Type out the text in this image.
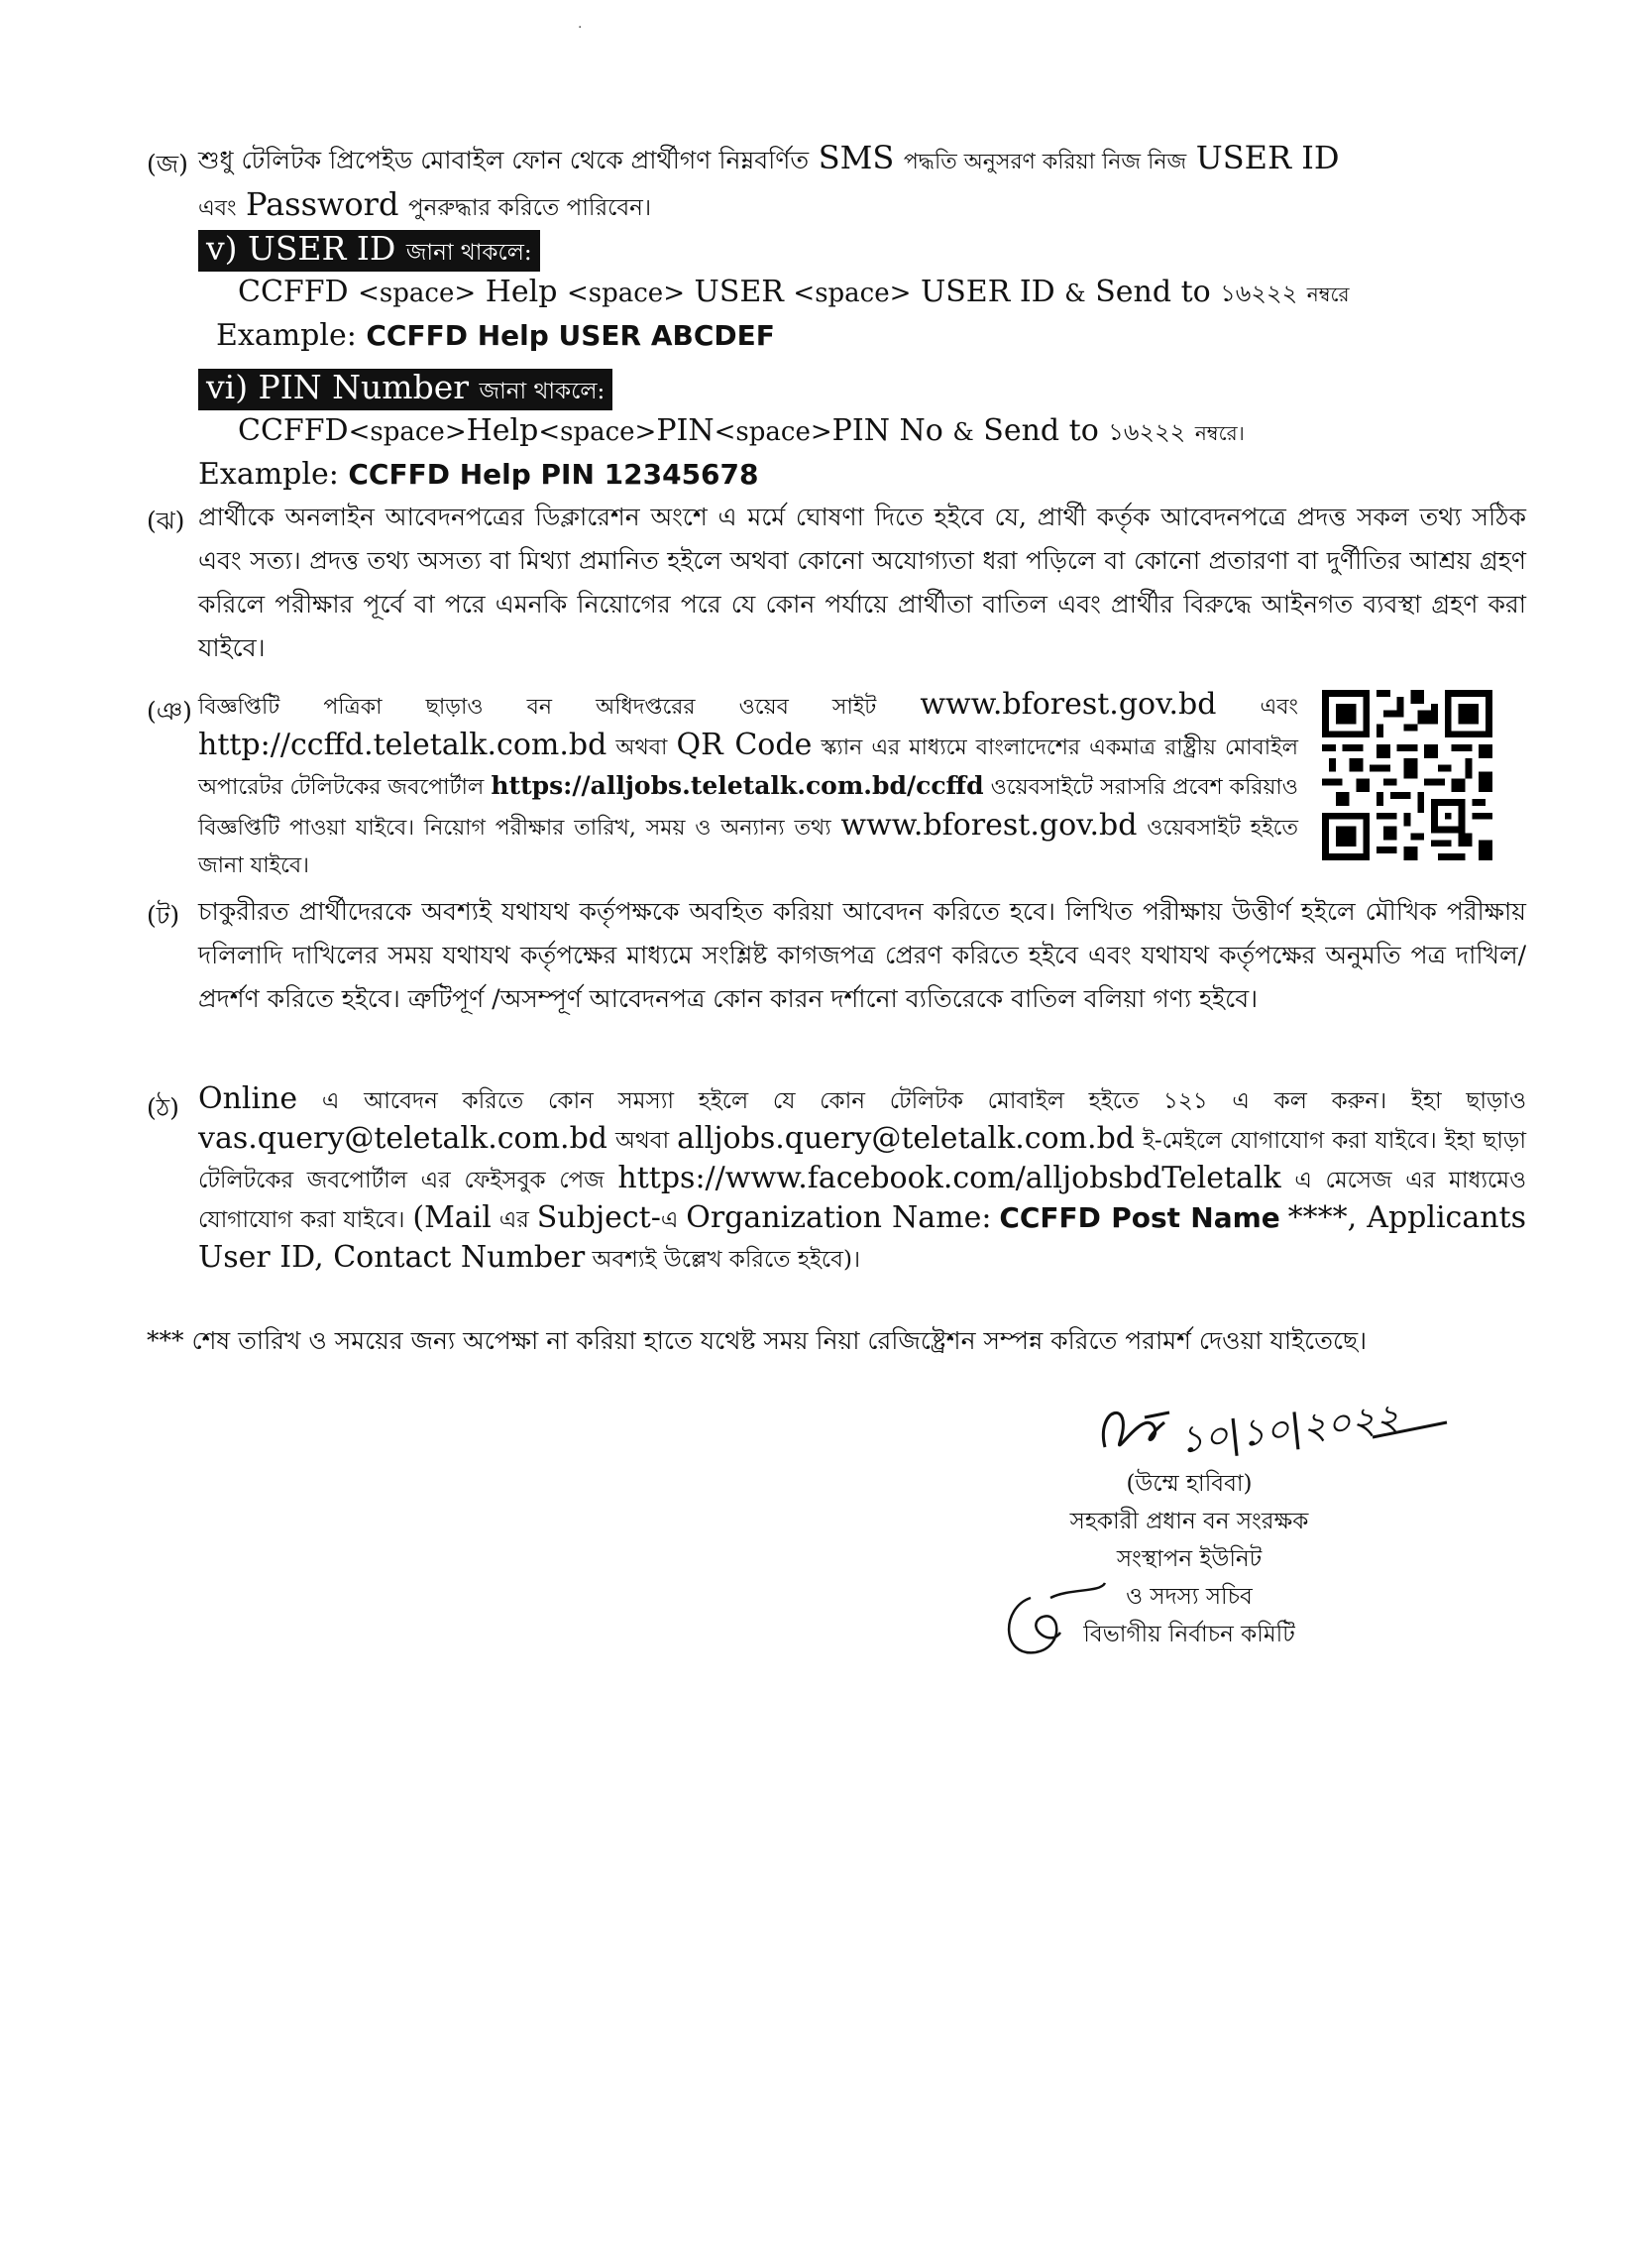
·
(জ) শুধু টেলিটক প্রিপেইড মোবাইল ফোন থেকে প্রার্থীগণ নিম্নবর্ণিত SMS পদ্ধতি অনুসরণ করিয়া নিজ নিজ USER ID
এবং Password পুনরুদ্ধার করিতে পারিবেন।
v) USER ID জানা থাকলে:
CCFFD <space> Help <space> USER <space> USER ID & Send to ১৬২২২ নম্বরে
Example: CCFFD Help USER ABCDEF
vi) PIN Number জানা থাকলে:
CCFFD<space>Help<space>PIN<space>PIN No & Send to ১৬২২২ নম্বরে।
Example: CCFFD Help PIN 12345678
(ঝ) প্রার্থীকে অনলাইন আবেদনপত্রের ডিক্লারেশন অংশে এ মর্মে ঘোষণা দিতে হইবে যে, প্রার্থী কর্তৃক আবেদনপত্রে প্রদত্ত সকল তথ্য সঠিক এবং সত্য। প্রদত্ত তথ্য অসত্য বা মিথ্যা প্রমানিত হইলে অথবা কোনো অযোগ্যতা ধরা পড়িলে বা কোনো প্রতারণা বা দুর্ণীতির আশ্রয় গ্রহণ করিলে পরীক্ষার পূর্বে বা পরে এমনকি নিয়োগের পরে যে কোন পর্যায়ে প্রার্থীতা বাতিল এবং প্রার্থীর বিরুদ্ধে আইনগত ব্যবস্থা গ্রহণ করা যাইবে।
(ঞ) বিজ্ঞপ্তিটি পত্রিকা ছাড়াও বন অধিদপ্তরের ওয়েব সাইট www.bforest.gov.bd এবং http://ccffd.teletalk.com.bd অথবা QR Code স্ক্যান এর মাধ্যমে বাংলাদেশের একমাত্র রাষ্ট্রীয় মোবাইল অপারেটর টেলিটকের জবপোর্টাল https://alljobs.teletalk.com.bd/ccffd ওয়েবসাইটে সরাসরি প্রবেশ করিয়াও বিজ্ঞপ্তিটি পাওয়া যাইবে। নিয়োগ পরীক্ষার তারিখ, সময় ও অন্যান্য তথ্য www.bforest.gov.bd ওয়েবসাইট হইতে জানা যাইবে।
(ট) চাকুরীরত প্রার্থীদেরকে অবশ্যই যথাযথ কর্তৃপক্ষকে অবহিত করিয়া আবেদন করিতে হবে। লিখিত পরীক্ষায় উত্তীর্ণ হইলে মৌখিক পরীক্ষায় দলিলাদি দাখিলের সময় যথাযথ কর্তৃপক্ষের মাধ্যমে সংশ্লিষ্ট কাগজপত্র প্রেরণ করিতে হইবে এবং যথাযথ কর্তৃপক্ষের অনুমতি পত্র দাখিল/প্রদর্শণ করিতে হইবে। ত্রুটিপূর্ণ /অসম্পূর্ণ আবেদনপত্র কোন কারন দর্শানো ব্যতিরেকে বাতিল বলিয়া গণ্য হইবে।
(ঠ) Online এ আবেদন করিতে কোন সমস্যা হইলে যে কোন টেলিটক মোবাইল হইতে ১২১ এ কল করুন। ইহা ছাড়াও vas.query@teletalk.com.bd অথবা alljobs.query@teletalk.com.bd ই-মেইলে যোগাযোগ করা যাইবে। ইহা ছাড়া টেলিটকের জবপোর্টাল এর ফেইসবুক পেজ https://www.facebook.com/alljobsbdTeletalk এ মেসেজ এর মাধ্যমেও যোগাযোগ করা যাইবে। (Mail এর Subject-এ Organization Name: CCFFD Post Name ****, Applicants User ID, Contact Number অবশ্যই উল্লেখ করিতে হইবে)।
*** শেষ তারিখ ও সময়ের জন্য অপেক্ষা না করিয়া হাতে যথেষ্ট সময় নিয়া রেজিষ্ট্রেশন সম্পন্ন করিতে পরামর্শ দেওয়া যাইতেছে।
১০|১০|২০২২
(উম্মে হাবিবা)
সহকারী প্রধান বন সংরক্ষক
সংস্থাপন ইউনিট
ও সদস্য সচিব
বিভাগীয় নির্বাচন কমিটি
